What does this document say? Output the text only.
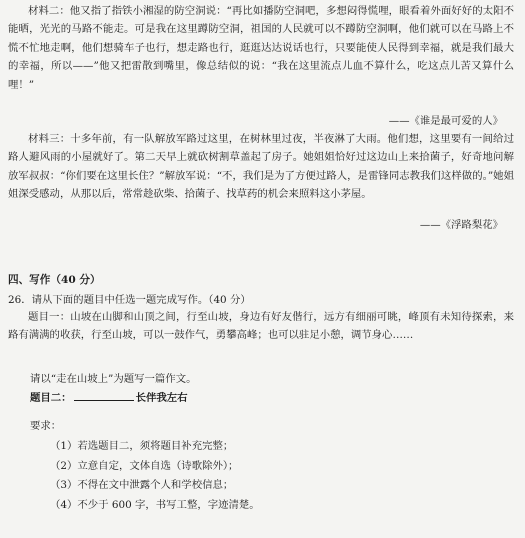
材料二：他又指了指铁小湘湿的防空洞说：“再比如播防空洞吧，多想闷得慌哩，眼看着外面好好的太阳不能晒，光光的马路不能走。可是我在这里蹲防空洞，祖国的人民就可以不蹲防空洞啊，他们就可以在马路上不慌不忙地走啊，他们想骑车子也行，想走路也行，逛逛达达说话也行，只要能使人民得到幸福，就是我们最大的幸福，所以——”他又把雷散到嘴里，像总结似的说：“我在这里流点儿血不算什么，吃这点儿苦又算什么哩！”

——《谁是最可爱的人》

材料三：十多年前，有一队解放军路过这里，在树林里过夜，半夜淋了大雨。他们想，这里要有一间给过路人避风雨的小屋就好了。第二天早上就砍树割草盖起了房子。她姐姐恰好过这边山上来拾菌子，好奇地问解放军叔叔：“你们要在这里长住？”解放军说：“不，我们是为了方便过路人，是雷锋同志教我们这样做的。”她姐姐深受感动，从那以后，常常趁砍柴、拾菌子、找草药的机会来照料这小茅屋。

——《浮路梨花》
四、写作（40 分）
26．请从下面的题目中任选一题完成写作。（40 分）

题目一：山坡在山脚和山顶之间，行至山坡，身边有好友偕行，远方有细丽可眺，峰顶有未知待探索，来路有满满的收获，行至山坡，可以一鼓作气，勇攀高峰；也可以驻足小憩，调节身心……

请以“走在山坡上”为题写一篇作文。
题目二：	长伴我左右
要求：
（1）若选题目二，须将题目补充完整；
（2）立意自定，文体自选（诗歌除外）；
（3）不得在文中泄露个人和学校信息；
（4）不少于 600 字，书写工整，字迹清楚。
